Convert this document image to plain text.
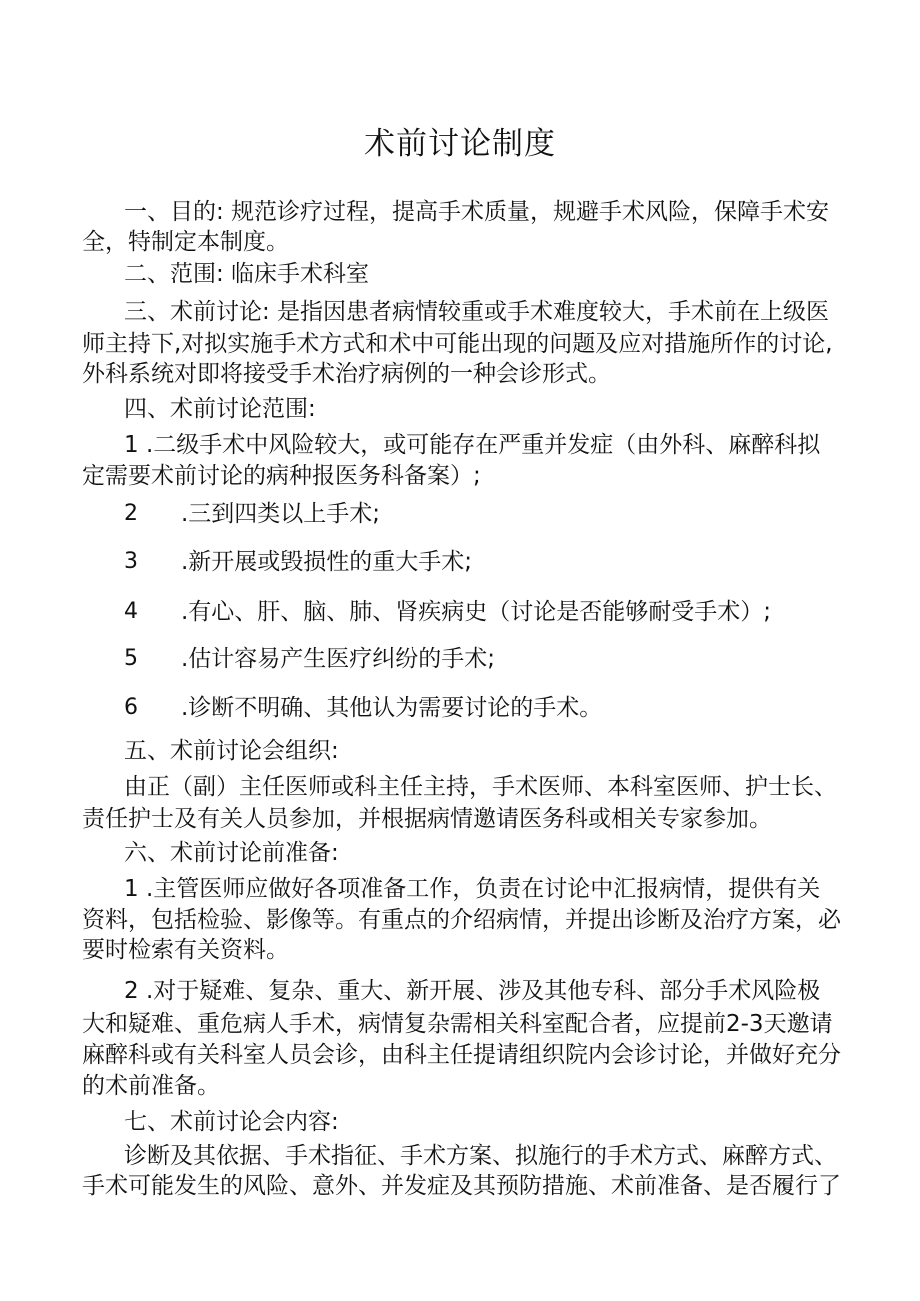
术前讨论制度
一、目的: 规范诊疗过程，提高手术质量，规避手术风险，保障手术安
全，特制定本制度。
二、范围: 临床手术科室
三、术前讨论: 是指因患者病情较重或手术难度较大，手术前在上级医
师主持下,对拟实施手术方式和术中可能出现的问题及应对措施所作的讨论,
外科系统对即将接受手术治疗病例的一种会诊形式。
四、术前讨论范围:
1 .二级手术中风险较大，或可能存在严重并发症（由外科、麻醉科拟
定需要术前讨论的病种报医务科备案）;
2 .三到四类以上手术;
3 .新开展或毁损性的重大手术;
4 .有心、肝、脑、肺、肾疾病史（讨论是否能够耐受手术）;
5 .估计容易产生医疗纠纷的手术;
6 .诊断不明确、其他认为需要讨论的手术。
五、术前讨论会组织:
由正（副）主任医师或科主任主持，手术医师、本科室医师、护士长、
责任护士及有关人员参加，并根据病情邀请医务科或相关专家参加。
六、术前讨论前准备:
1 .主管医师应做好各项准备工作，负责在讨论中汇报病情，提供有关
资料，包括检验、影像等。有重点的介绍病情，并提出诊断及治疗方案，必
要时检索有关资料。
2 .对于疑难、复杂、重大、新开展、涉及其他专科、部分手术风险极
大和疑难、重危病人手术，病情复杂需相关科室配合者，应提前2-3天邀请
麻醉科或有关科室人员会诊，由科主任提请组织院内会诊讨论，并做好充分
的术前准备。
七、术前讨论会内容:
诊断及其依据、手术指征、手术方案、拟施行的手术方式、麻醉方式、
手术可能发生的风险、意外、并发症及其预防措施、术前准备、是否履行了
